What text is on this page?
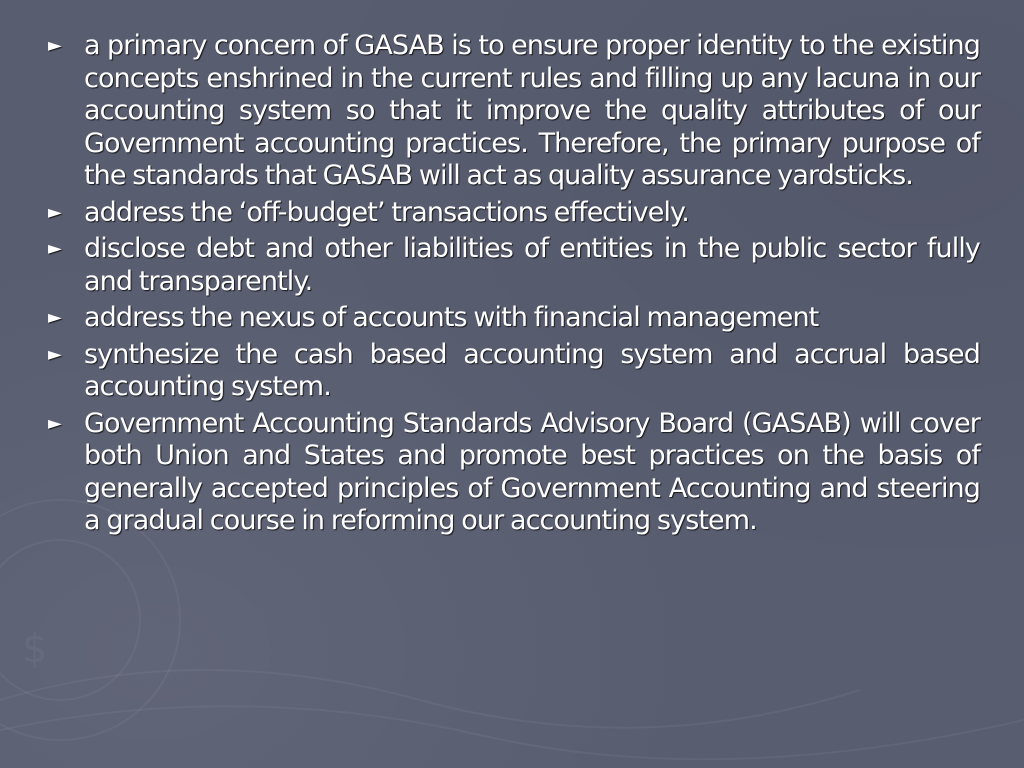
$
► a primary concern of GASAB is to ensure proper identity to the existing concepts enshrined in the current rules and filling up any lacuna in our accounting system so that it improve the quality attributes of our Government accounting practices. Therefore, the primary purpose of the standards that GASAB will act as quality assurance yardsticks.
► address the ‘off-budget’ transactions effectively.
► disclose debt and other liabilities of entities in the public sector fully and transparently.
► address the nexus of accounts with financial management
► synthesize the cash based accounting system and accrual based accounting system.
► Government Accounting Standards Advisory Board (GASAB) will cover both Union and States and promote best practices on the basis of generally accepted principles of Government Accounting and steering a gradual course in reforming our accounting system.
